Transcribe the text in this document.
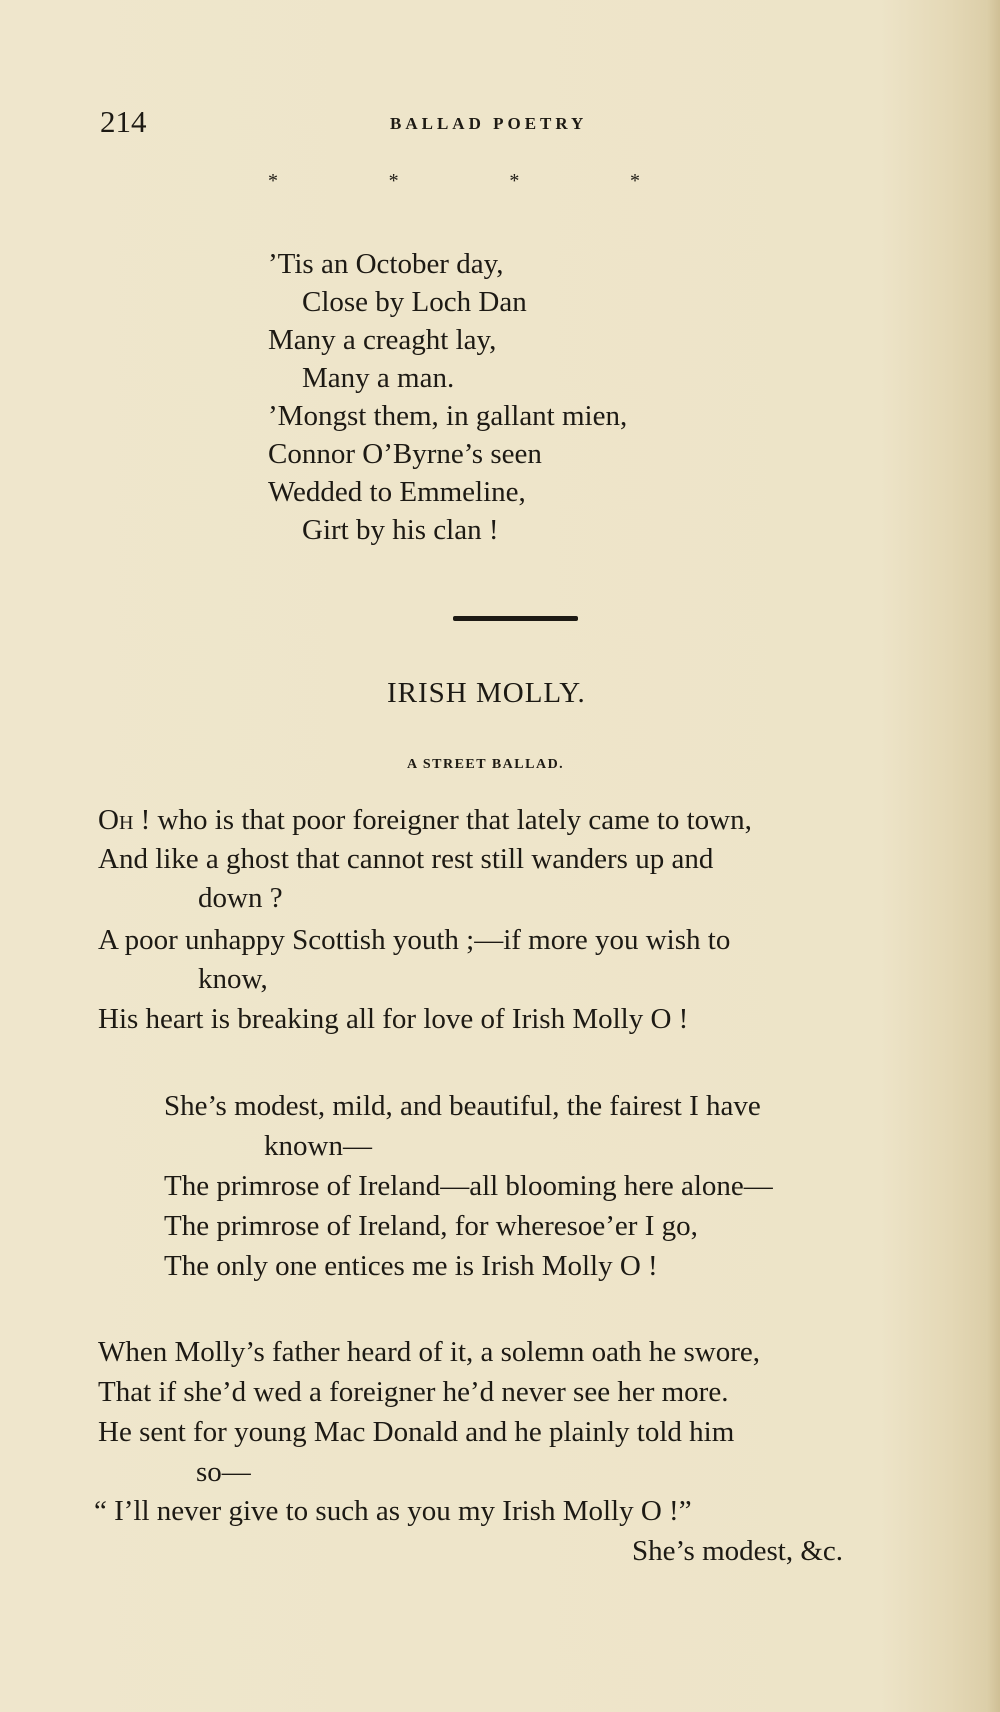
214	BALLAD POETRY
*	*	*	*
’Tis an October day,
Close by Loch Dan
Many a creaght lay,
Many a man.
’Mongst them, in gallant mien,
Connor O’Byrne’s seen
Wedded to Emmeline,
Girt by his clan !
IRISH MOLLY.
A STREET BALLAD.
Oh ! who is that poor foreigner that lately came to town,
And like a ghost that cannot rest still wanders up and
down ?
A poor unhappy Scottish youth ;—if more you wish to
know,
His heart is breaking all for love of Irish Molly O !
She’s modest, mild, and beautiful, the fairest I have
known—
The primrose of Ireland—all blooming here alone—
The primrose of Ireland, for wheresoe’er I go,
The only one entices me is Irish Molly O !
When Molly’s father heard of it, a solemn oath he swore,
That if she’d wed a foreigner he’d never see her more.
He sent for young Mac Donald and he plainly told him
so—
“ I’ll never give to such as you my Irish Molly O !”
She’s modest, &c.
